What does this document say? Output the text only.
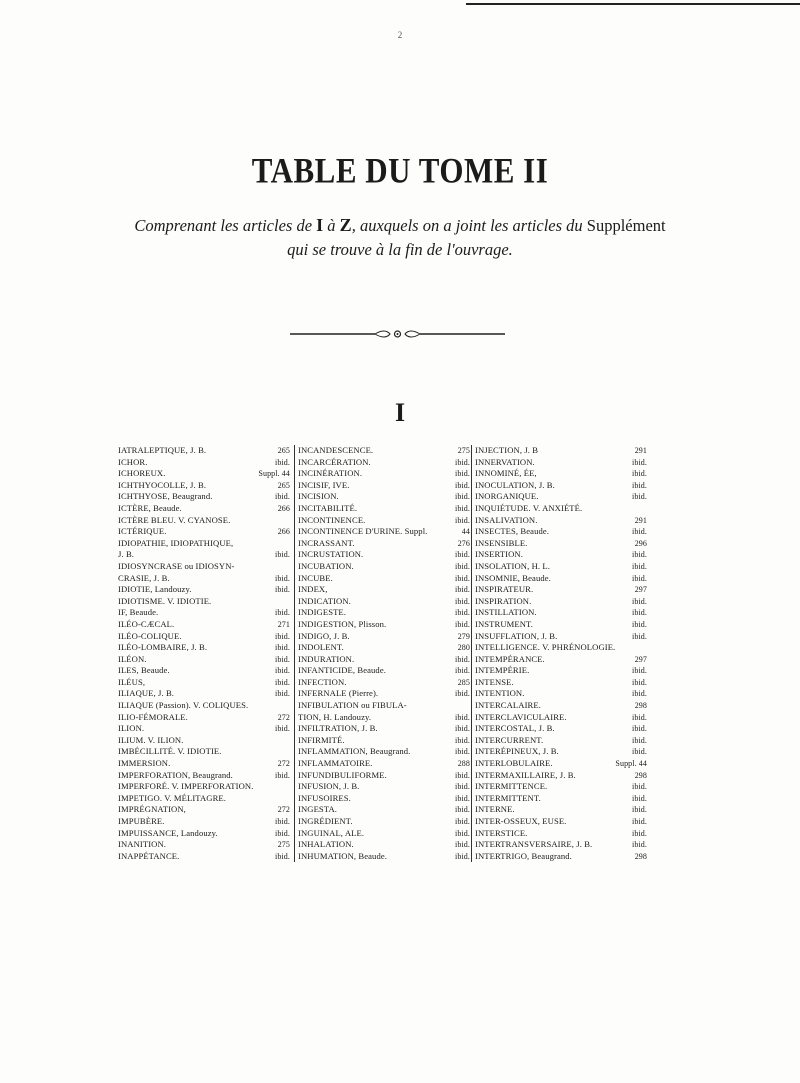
2
TABLE DU TOME II
Comprenant les articles de I à Z, auxquels on a joint les articles du Supplément
qui se trouve à la fin de l'ouvrage.
I
IATRALEPTIQUE, J. B.	265
ICHOR.	ibid.
ICHOREUX.	Suppl. 44
ICHTHYOCOLLE, J. B.	265
ICHTHYOSE, Beaugrand.	ibid.
ICTÈRE, Beaude.	266
ICTÈRE BLEU. V. CYANOSE.
ICTÉRIQUE.	266
IDIOPATHIE, IDIOPATHIQUE,
J. B.	ibid.
IDIOSYNCRASE ou IDIOSYN-
CRASIE, J. B.	ibid.
IDIOTIE, Landouzy.	ibid.
IDIOTISME. V. IDIOTIE.
IF, Beaude.	ibid.
ILÉO-CÆCAL.	271
ILÉO-COLIQUE.	ibid.
ILÉO-LOMBAIRE, J. B.	ibid.
ILÉON.	ibid.
ILES, Beaude.	ibid.
ILÉUS,	ibid.
ILIAQUE, J. B.	ibid.
ILIAQUE (Passion). V. COLIQUES.
ILIO-FÉMORALE.	272
ILION.	ibid.
ILIUM. V. ILION.
IMBÉCILLITÉ. V. IDIOTIE.
IMMERSION.	272
IMPERFORATION, Beaugrand.	ibid.
IMPERFORÉ. V. IMPERFORATION.
IMPETIGO. V. MÉLITAGRE.
IMPRÉGNATION,	272
IMPUBÈRE.	ibid.
IMPUISSANCE, Landouzy.	ibid.
INANITION.	275
INAPPÉTANCE.	ibid.
INCANDESCENCE.	275
INCARCÉRATION.	ibid.
INCINÉRATION.	ibid.
INCISIF, IVE.	ibid.
INCISION.	ibid.
INCITABILITÉ.	ibid.
INCONTINENCE.	ibid.
INCONTINENCE D'URINE. Suppl.	44
INCRASSANT.	276
INCRUSTATION.	ibid.
INCUBATION.	ibid.
INCUBE.	ibid.
INDEX,	ibid.
INDICATION.	ibid.
INDIGESTE.	ibid.
INDIGESTION, Plisson.	ibid.
INDIGO, J. B.	279
INDOLENT.	280
INDURATION.	ibid.
INFANTICIDE, Beaude.	ibid.
INFECTION.	285
INFERNALE (Pierre).	ibid.
INFIBULATION ou FIBULA-
TION, H. Landouzy.	ibid.
INFILTRATION, J. B.	ibid.
INFIRMITÉ.	ibid.
INFLAMMATION, Beaugrand.	ibid.
INFLAMMATOIRE.	288
INFUNDIBULIFORME.	ibid.
INFUSION, J. B.	ibid.
INFUSOIRES.	ibid.
INGESTA.	ibid.
INGRÉDIENT.	ibid.
INGUINAL, ALE.	ibid.
INHALATION.	ibid.
INHUMATION, Beaude.	ibid.
INJECTION, J. B	291
INNERVATION.	ibid.
INNOMINÉ, ÉE,	ibid.
INOCULATION, J. B.	ibid.
INORGANIQUE.	ibid.
INQUIÉTUDE. V. ANXIÉTÉ.
INSALIVATION.	291
INSECTES, Beaude.	ibid.
INSENSIBLE.	296
INSERTION.	ibid.
INSOLATION, H. L.	ibid.
INSOMNIE, Beaude.	ibid.
INSPIRATEUR.	297
INSPIRATION.	ibid.
INSTILLATION.	ibid.
INSTRUMENT.	ibid.
INSUFFLATION, J. B.	ibid.
INTELLIGENCE. V. PHRÉNOLOGIE.
INTEMPÉRANCE.	297
INTEMPÉRIE.	ibid.
INTENSE.	ibid.
INTENTION.	ibid.
INTERCALAIRE.	298
INTERCLAVICULAIRE.	ibid.
INTERCOSTAL, J. B.	ibid.
INTERCURRENT.	ibid.
INTERÉPINEUX, J. B.	ibid.
INTERLOBULAIRE.	Suppl. 44
INTERMAXILLAIRE, J. B.	298
INTERMITTENCE.	ibid.
INTERMITTENT.	ibid.
INTERNE.	ibid.
INTER-OSSEUX, EUSE.	ibid.
INTERSTICE.	ibid.
INTERTRANSVERSAIRE, J. B.	ibid.
INTERTRIGO, Beaugrand.	298
